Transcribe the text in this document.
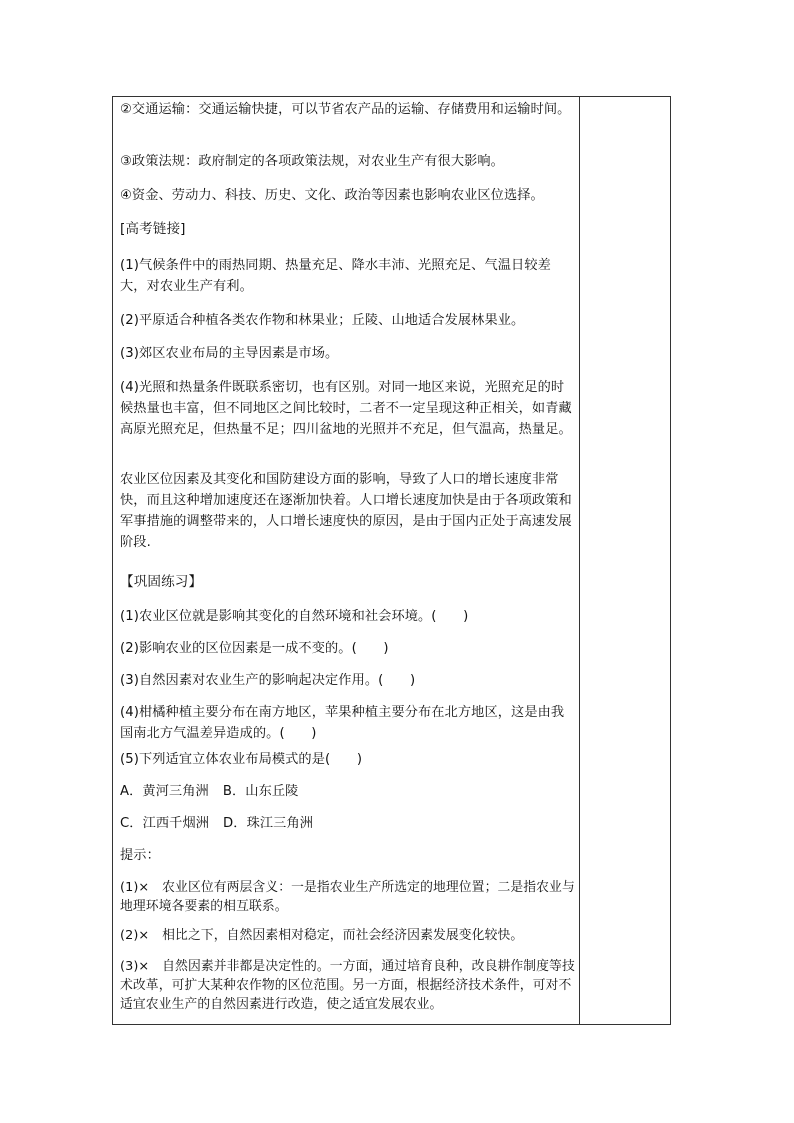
②交通运输：交通运输快捷，可以节省农产品的运输、存储费用和运输时间。

③政策法规：政府制定的各项政策法规，对农业生产有很大影响。

④资金、劳动力、科技、历史、文化、政治等因素也影响农业区位选择。

[高考链接]

(1)气候条件中的雨热同期、热量充足、降水丰沛、光照充足、气温日较差大，对农业生产有利。

(2)平原适合种植各类农作物和林果业；丘陵、山地适合发展林果业。

(3)郊区农业布局的主导因素是市场。

(4)光照和热量条件既联系密切，也有区别。对同一地区来说，光照充足的时候热量也丰富，但不同地区之间比较时，二者不一定呈现这种正相关，如青藏高原光照充足，但热量不足；四川盆地的光照并不充足，但气温高，热量足。

农业区位因素及其变化和国防建设方面的影响，导致了人口的增长速度非常快，而且这种增加速度还在逐渐加快着。人口增长速度加快是由于各项政策和军事措施的调整带来的，人口增长速度快的原因，是由于国内正处于高速发展阶段.

【巩固练习】

(1)农业区位就是影响其变化的自然环境和社会环境。(　　)

(2)影响农业的区位因素是一成不变的。(　　)

(3)自然因素对农业生产的影响起决定作用。(　　)

(4)柑橘种植主要分布在南方地区，苹果种植主要分布在北方地区，这是由我国南北方气温差异造成的。(　　)

(5)下列适宜立体农业布局模式的是(　　)

A．黄河三角洲 B．山东丘陵

C．江西千烟洲 D．珠江三角洲

提示：

(1)×　农业区位有两层含义：一是指农业生产所选定的地理位置；二是指农业与地理环境各要素的相互联系。

(2)×　相比之下，自然因素相对稳定，而社会经济因素发展变化较快。

(3)×　自然因素并非都是决定性的。一方面，通过培育良种，改良耕作制度等技术改革，可扩大某种农作物的区位范围。另一方面，根据经济技术条件，可对不适宜农业生产的自然因素进行改造，使之适宜发展农业。
